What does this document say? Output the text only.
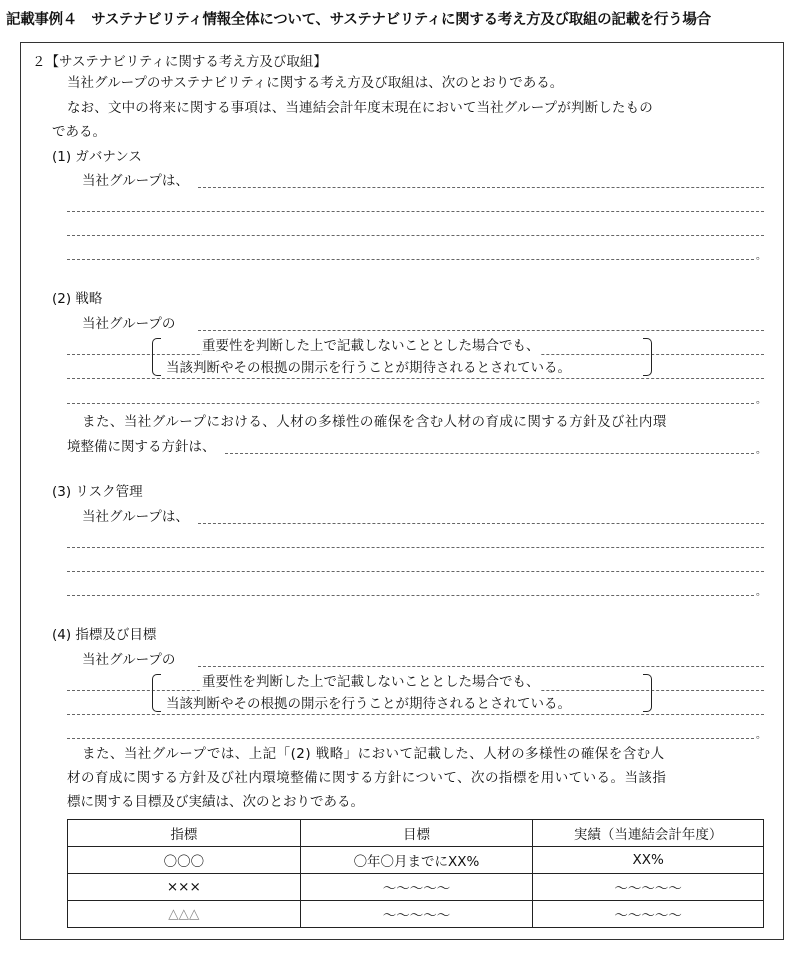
記載事例４　サステナビリティ情報全体について、サステナビリティに関する考え方及び取組の記載を行う場合
２【サステナビリティに関する考え方及び取組】
当社グループのサステナビリティに関する考え方及び取組は、次のとおりである。
なお、文中の将来に関する事項は、当連結会計年度末現在において当社グループが判断したもの
である。
(1) ガバナンス
当社グループは、
。
(2) 戦略
当社グループの
。
重要性を判断した上で記載しないこととした場合でも、
当該判断やその根拠の開示を行うことが期待されるとされている。
また、当社グループにおける、人材の多様性の確保を含む人材の育成に関する方針及び社内環
境整備に関する方針は、	。
(3) リスク管理
当社グループは、
。
(4) 指標及び目標
当社グループの
。
重要性を判断した上で記載しないこととした場合でも、
当該判断やその根拠の開示を行うことが期待されるとされている。
また、当社グループでは、上記「(2) 戦略」において記載した、人材の多様性の確保を含む人
材の育成に関する方針及び社内環境整備に関する方針について、次の指標を用いている。当該指
標に関する目標及び実績は、次のとおりである。
指標	目標	実績（当連結会計年度）
〇〇〇	〇年〇月までにXX%	XX%
×××	～～～～～	～～～～～
△△△	～～～～～	～～～～～
